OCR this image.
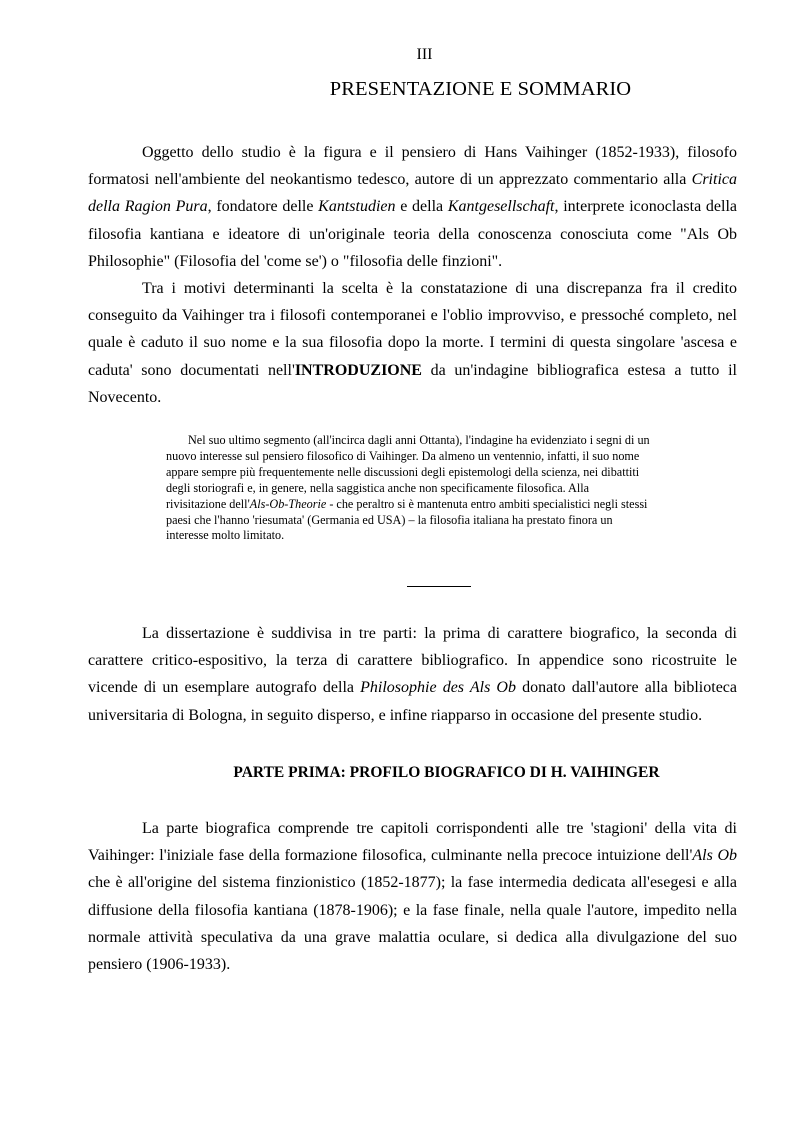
III
PRESENTAZIONE E SOMMARIO

Oggetto dello studio è la figura e il pensiero di Hans Vaihinger (1852-1933), filosofo formatosi nell'ambiente del neokantismo tedesco, autore di un apprezzato commentario alla Critica della Ragion Pura, fondatore delle Kantstudien e della Kantgesellschaft, interprete iconoclasta della filosofia kantiana e ideatore di un'originale teoria della conoscenza conosciuta come "Als Ob Philosophie" (Filosofia del 'come se') o "filosofia delle finzioni".

Tra i motivi determinanti la scelta è la constatazione di una discrepanza fra il credito conseguito da Vaihinger tra i filosofi contemporanei e l'oblio improvviso, e pressoché completo, nel quale è caduto il suo nome e la sua filosofia dopo la morte. I termini di questa singolare 'ascesa e caduta' sono documentati nell'INTRODUZIONE da un'indagine bibliografica estesa a tutto il Novecento.

Nel suo ultimo segmento (all'incirca dagli anni Ottanta), l'indagine ha evidenziato i segni di un nuovo interesse sul pensiero filosofico di Vaihinger. Da almeno un ventennio, infatti, il suo nome appare sempre più frequentemente nelle discussioni degli epistemologi della scienza, nei dibattiti degli storiografi e, in genere, nella saggistica anche non specificamente filosofica. Alla rivisitazione dell'Als-Ob-Theorie - che peraltro si è mantenuta entro ambiti specialistici negli stessi paesi che l'hanno 'riesumata' (Germania ed USA) – la filosofia italiana ha prestato finora un interesse molto limitato.

La dissertazione è suddivisa in tre parti: la prima di carattere biografico, la seconda di carattere critico-espositivo, la terza di carattere bibliografico. In appendice sono ricostruite le vicende di un esemplare autografo della Philosophie des Als Ob donato dall'autore alla biblioteca universitaria di Bologna, in seguito disperso, e infine riapparso in occasione del presente studio.

PARTE PRIMA: PROFILO BIOGRAFICO DI H. VAIHINGER

La parte biografica comprende tre capitoli corrispondenti alle tre 'stagioni' della vita di Vaihinger: l'iniziale fase della formazione filosofica, culminante nella precoce intuizione dell'Als Ob che è all'origine del sistema finzionistico (1852-1877); la fase intermedia dedicata all'esegesi e alla diffusione della filosofia kantiana (1878-1906); e la fase finale, nella quale l'autore, impedito nella normale attività speculativa da una grave malattia oculare, si dedica alla divulgazione del suo pensiero (1906-1933).
